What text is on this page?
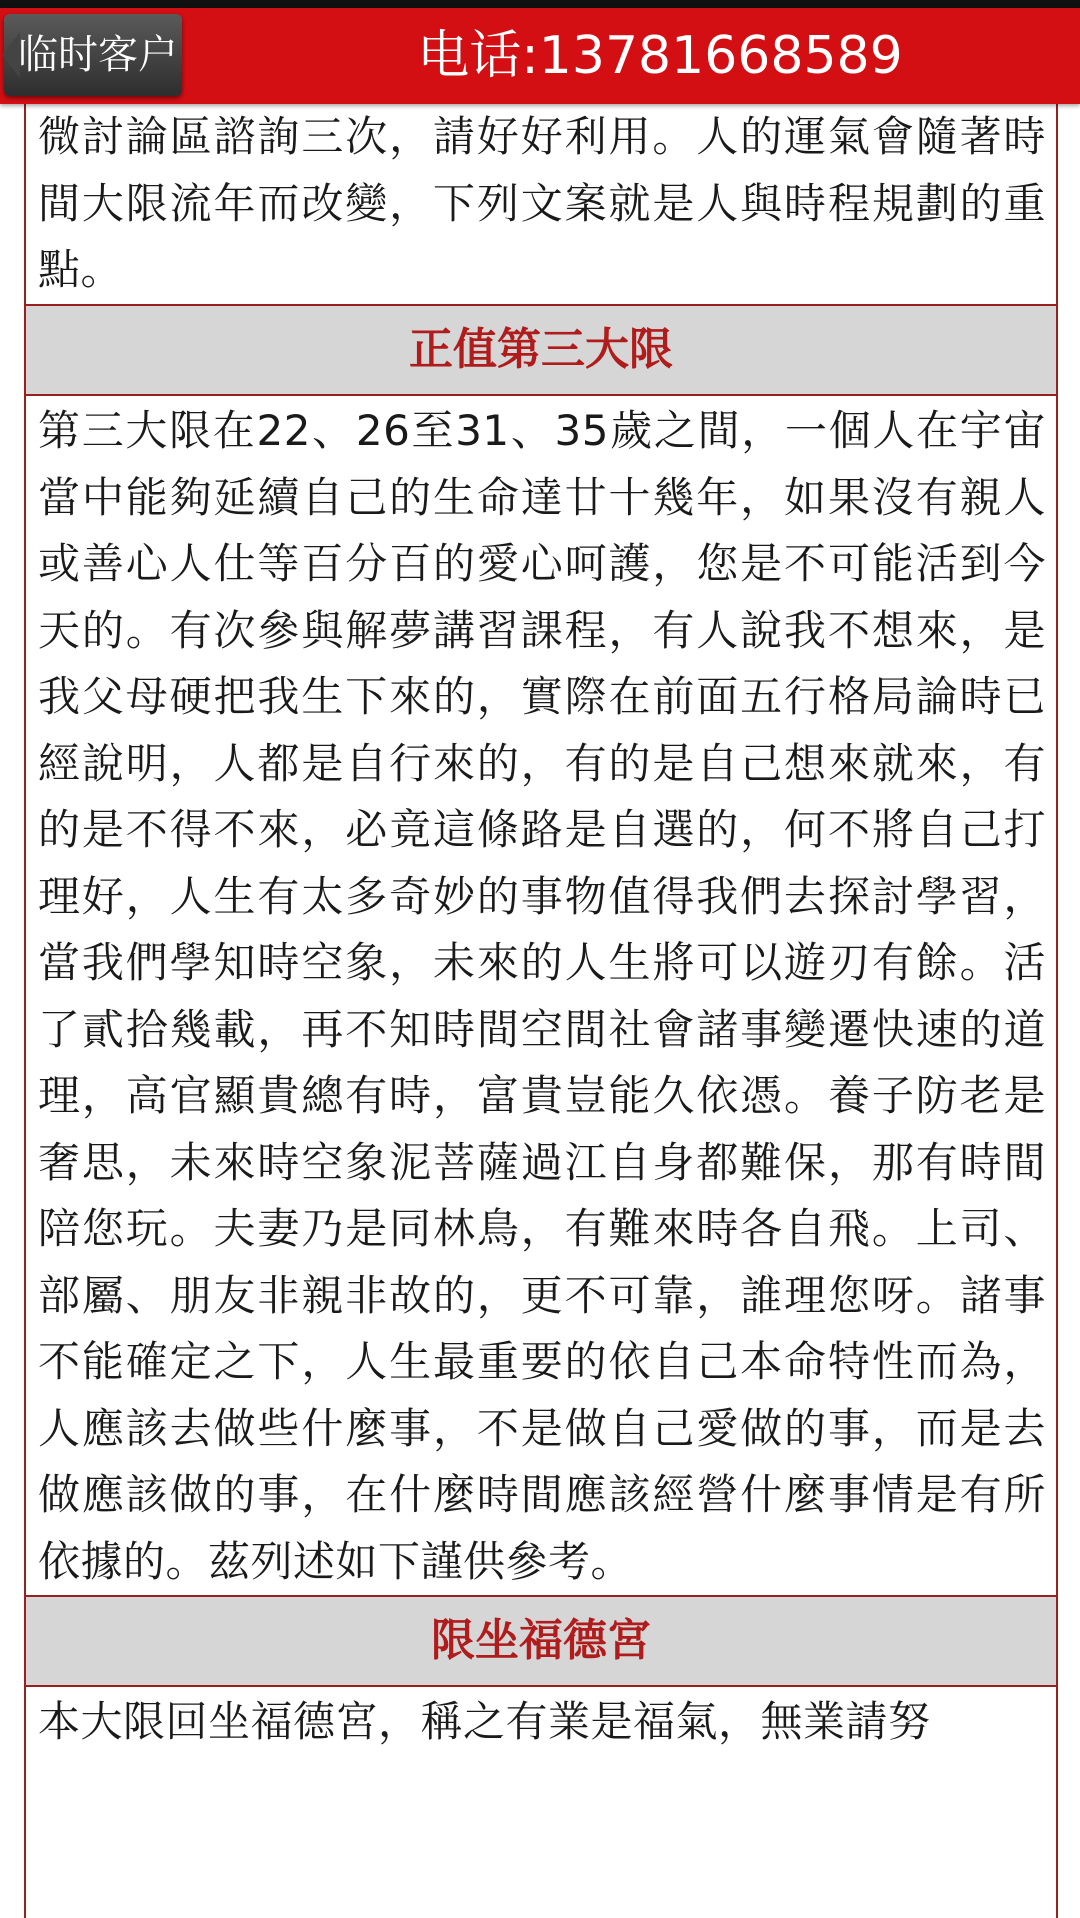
临时客户	电话:13781668589
微討論區諮詢三次，請好好利用。人的運氣會隨著時間大限流年而改變，下列文案就是人與時程規劃的重點。
正值第三大限
第三大限在22、26至31、35歲之間，一個人在宇宙當中能夠延續自己的生命達廿十幾年，如果沒有親人或善心人仕等百分百的愛心呵護，您是不可能活到今天的。有次參與解夢講習課程，有人說我不想來，是我父母硬把我生下來的，實際在前面五行格局論時已經說明，人都是自行來的，有的是自己想來就來，有的是不得不來，必竟這條路是自選的，何不將自己打理好，人生有太多奇妙的事物值得我們去探討學習，當我們學知時空象，未來的人生將可以遊刃有餘。活了貳拾幾載，再不知時間空間社會諸事變遷快速的道理，高官顯貴總有時，富貴豈能久依憑。養子防老是奢思，未來時空象泥菩薩過江自身都難保，那有時間陪您玩。夫妻乃是同林鳥，有難來時各自飛。上司、部屬、朋友非親非故的，更不可靠，誰理您呀。諸事不能確定之下，人生最重要的依自己本命特性而為，人應該去做些什麼事，不是做自己愛做的事，而是去做應該做的事，在什麼時間應該經營什麼事情是有所依據的。茲列述如下謹供參考。
限坐福德宮
本大限回坐福德宮，稱之有業是福氣，無業請努
